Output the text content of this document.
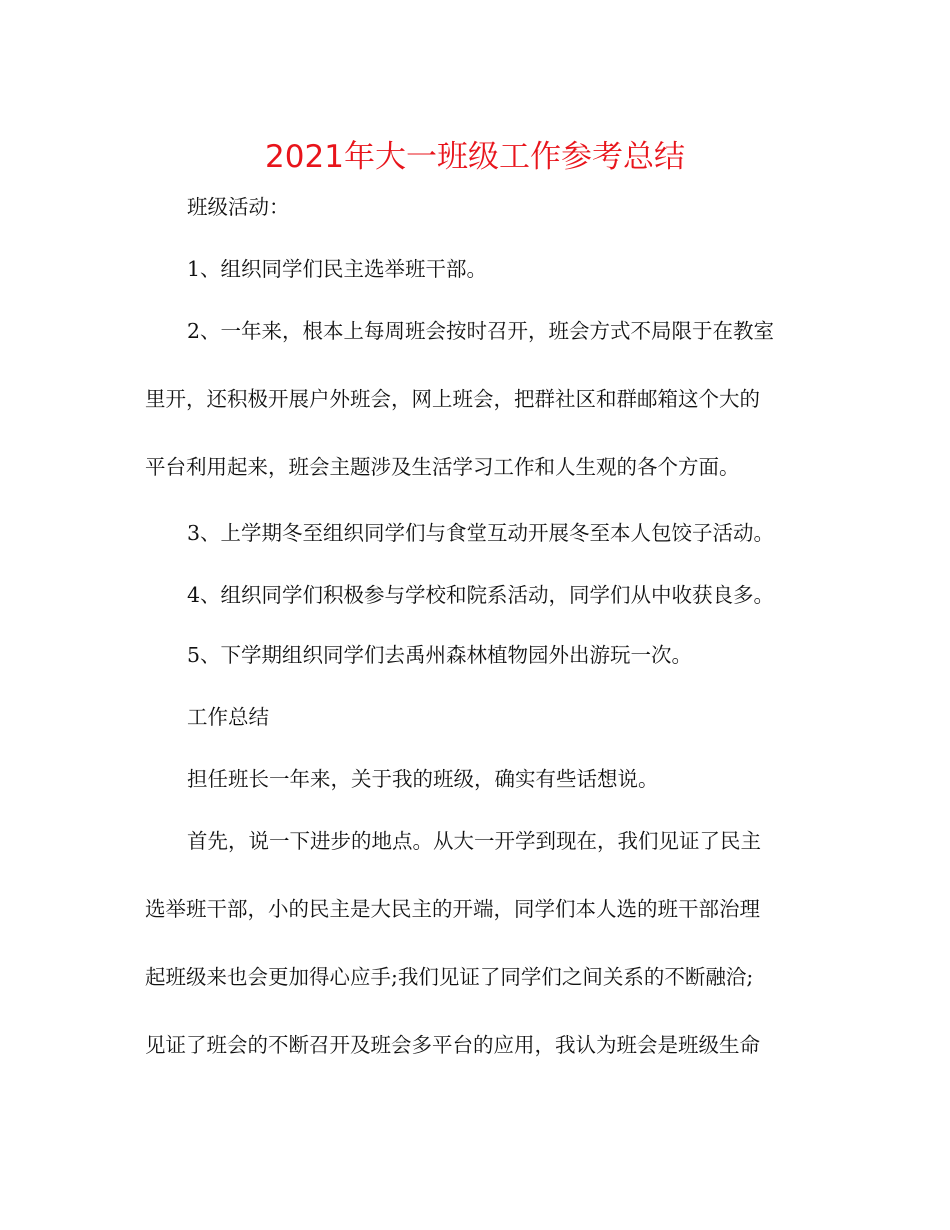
2021年大一班级工作参考总结
班级活动：
1、组织同学们民主选举班干部。
2、一年来，根本上每周班会按时召开，班会方式不局限于在教室
里开，还积极开展户外班会，网上班会，把群社区和群邮箱这个大的
平台利用起来，班会主题涉及生活学习工作和人生观的各个方面。
3、上学期冬至组织同学们与食堂互动开展冬至本人包饺子活动。
4、组织同学们积极参与学校和院系活动，同学们从中收获良多。
5、下学期组织同学们去禹州森林植物园外出游玩一次。
工作总结
担任班长一年来，关于我的班级，确实有些话想说。
首先，说一下进步的地点。从大一开学到现在，我们见证了民主
选举班干部，小的民主是大民主的开端，同学们本人选的班干部治理
起班级来也会更加得心应手;我们见证了同学们之间关系的不断融洽;
见证了班会的不断召开及班会多平台的应用，我认为班会是班级生命
